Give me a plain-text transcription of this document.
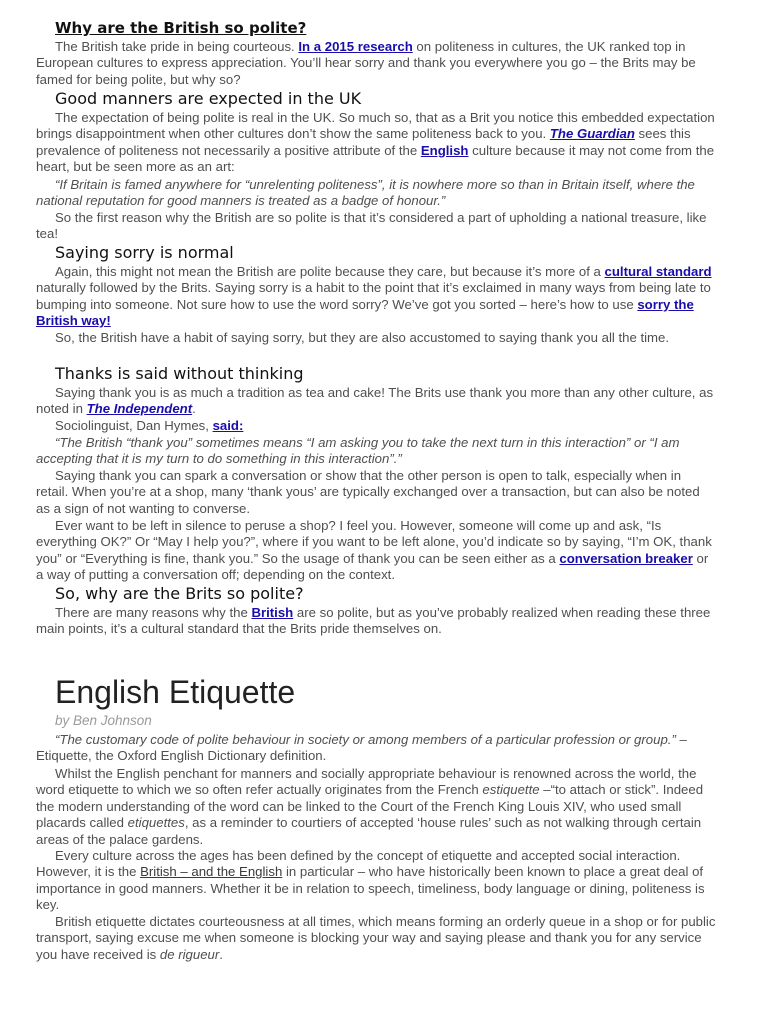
Why are the British so polite?

The British take pride in being courteous. In a 2015 research on politeness in cultures, the UK ranked top in European cultures to express appreciation. You’ll hear sorry and thank you everywhere you go – the Brits may be famed for being polite, but why so?

Good manners are expected in the UK

The expectation of being polite is real in the UK. So much so, that as a Brit you notice this embedded expectation brings disappointment when other cultures don’t show the same politeness back to you. The Guardian sees this prevalence of politeness not necessarily a positive attribute of the English culture because it may not come from the heart, but be seen more as an art:

“If Britain is famed anywhere for “unrelenting politeness”, it is nowhere more so than in Britain itself, where the national reputation for good manners is treated as a badge of honour.”

So the first reason why the British are so polite is that it’s considered a part of upholding a national treasure, like tea!

Saying sorry is normal

Again, this might not mean the British are polite because they care, but because it’s more of a cultural standard naturally followed by the Brits. Saying sorry is a habit to the point that it’s exclaimed in many ways from being late to bumping into someone. Not sure how to use the word sorry? We’ve got you sorted – here’s how to use sorry the British way!

So, the British have a habit of saying sorry, but they are also accustomed to saying thank you all the time.

Thanks is said without thinking

Saying thank you is as much a tradition as tea and cake! The Brits use thank you more than any other culture, as noted in The Independent.

Sociolinguist, Dan Hymes, said:

“The British “thank you” sometimes means “I am asking you to take the next turn in this interaction” or “I am accepting that it is my turn to do something in this interaction”.”

Saying thank you can spark a conversation or show that the other person is open to talk, especially when in retail. When you’re at a shop, many ‘thank yous’ are typically exchanged over a transaction, but can also be noted as a sign of not wanting to converse.

Ever want to be left in silence to peruse a shop? I feel you. However, someone will come up and ask, “Is everything OK?” Or “May I help you?”, where if you want to be left alone, you’d indicate so by saying, “I’m OK, thank you” or “Everything is fine, thank you.” So the usage of thank you can be seen either as a conversation breaker or a way of putting a conversation off; depending on the context.

So, why are the Brits so polite?

There are many reasons why the British are so polite, but as you’ve probably realized when reading these three main points, it’s a cultural standard that the Brits pride themselves on.

English Etiquette
by Ben Johnson

“The customary code of polite behaviour in society or among members of a particular profession or group.” – Etiquette, the Oxford English Dictionary definition.

Whilst the English penchant for manners and socially appropriate behaviour is renowned across the world, the word etiquette to which we so often refer actually originates from the French estiquette –“to attach or stick”. Indeed the modern understanding of the word can be linked to the Court of the French King Louis XIV, who used small placards called etiquettes, as a reminder to courtiers of accepted ‘house rules’ such as not walking through certain areas of the palace gardens.

Every culture across the ages has been defined by the concept of etiquette and accepted social interaction. However, it is the British – and the English in particular – who have historically been known to place a great deal of importance in good manners. Whether it be in relation to speech, timeliness, body language or dining, politeness is key.

British etiquette dictates courteousness at all times, which means forming an orderly queue in a shop or for public transport, saying excuse me when someone is blocking your way and saying please and thank you for any service you have received is de rigueur.
